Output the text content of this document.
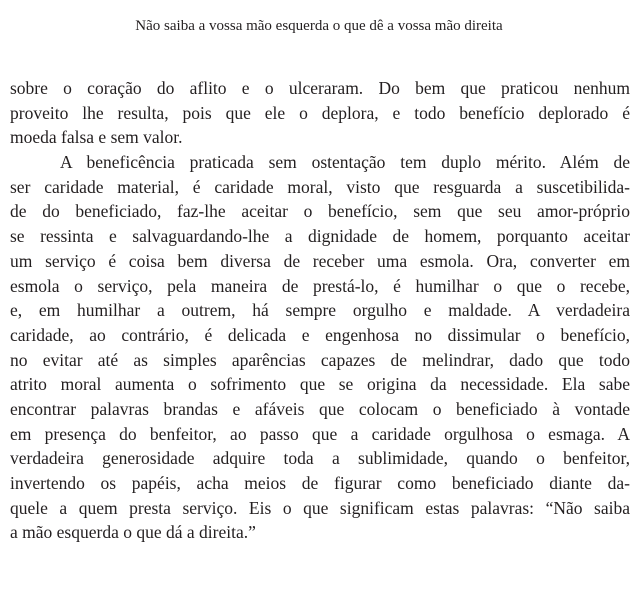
Não saiba a vossa mão esquerda o que dê a vossa mão direita
sobre o coração do aflito e o ulceraram. Do bem que praticou nenhum
proveito lhe resulta, pois que ele o deplora, e todo benefício deplorado é
moeda falsa e sem valor.
A beneficência praticada sem ostentação tem duplo mérito. Além de
ser caridade material, é caridade moral, visto que resguarda a suscetibilida-
de do beneficiado, faz-lhe aceitar o benefício, sem que seu amor-próprio
se ressinta e salvaguardando-lhe a dignidade de homem, porquanto aceitar
um serviço é coisa bem diversa de receber uma esmola. Ora, converter em
esmola o serviço, pela maneira de prestá-lo, é humilhar o que o recebe,
e, em humilhar a outrem, há sempre orgulho e maldade. A verdadeira
caridade, ao contrário, é delicada e engenhosa no dissimular o benefício,
no evitar até as simples aparências capazes de melindrar, dado que todo
atrito moral aumenta o sofrimento que se origina da necessidade. Ela sabe
encontrar palavras brandas e afáveis que colocam o beneficiado à vontade
em presença do benfeitor, ao passo que a caridade orgulhosa o esmaga. A
verdadeira generosidade adquire toda a sublimidade, quando o benfeitor,
invertendo os papéis, acha meios de figurar como beneficiado diante da-
quele a quem presta serviço. Eis o que significam estas palavras: “Não saiba
a mão esquerda o que dá a direita.”
